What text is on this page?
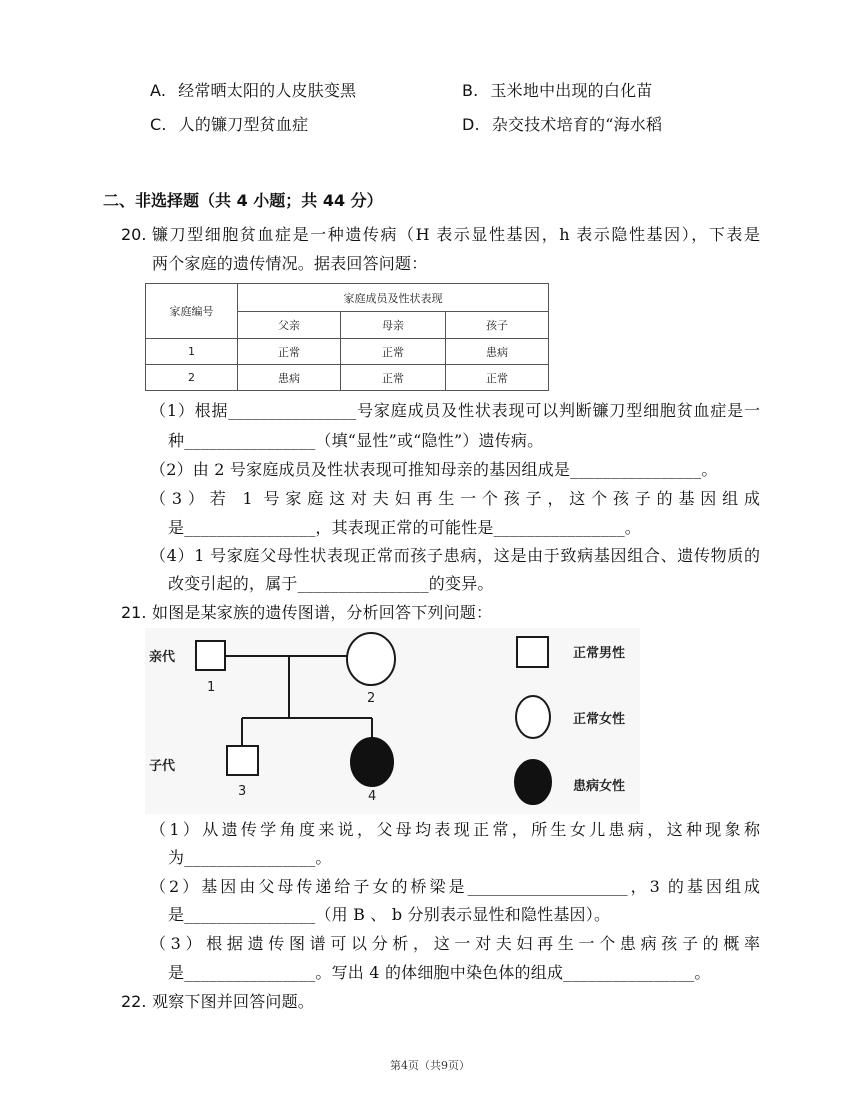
A. 经常晒太阳的人皮肤变黑	B. 玉米地中出现的白化苗
C. 人的镰刀型贫血症	D. 杂交技术培育的“海水稻
二、非选择题（共 4 小题；共 44 分）
20. 镰刀型细胞贫血症是一种遗传病（H 表示显性基因，h 表示隐性基因），下表是
两个家庭的遗传情况。据表回答问题：
家庭编号	家庭成员及性状表现		
	父亲	母亲	孩子
1	正常	正常	患病
2	患病	正常	正常
（1）根据________________号家庭成员及性状表现可以判断镰刀型细胞贫血症是一
种________________（填“显性”或“隐性”）遗传病。
（2）由 2 号家庭成员及性状表现可推知母亲的基因组成是________________。
（3）若 1 号家庭这对夫妇再生一个孩子，这个孩子的基因组成
是________________，其表现正常的可能性是________________。
（4）1 号家庭父母性状表现正常而孩子患病，这是由于致病基因组合、遗传物质的
改变引起的，属于________________的变异。
21. 如图是某家族的遗传图谱，分析回答下列问题：
亲代
子代
1
2
3	4
正常男性
正常女性
患病女性
（1）从遗传学角度来说，父母均表现正常，所生女儿患病，这种现象称
为________________。
（2）基因由父母传递给子女的桥梁是____________________，3 的基因组成
是________________（用 B 、 b 分别表示显性和隐性基因）。
（3）根据遗传图谱可以分析，这一对夫妇再生一个患病孩子的概率
是________________。写出 4 的体细胞中染色体的组成________________。
22. 观察下图并回答问题。
第4页（共9页）
